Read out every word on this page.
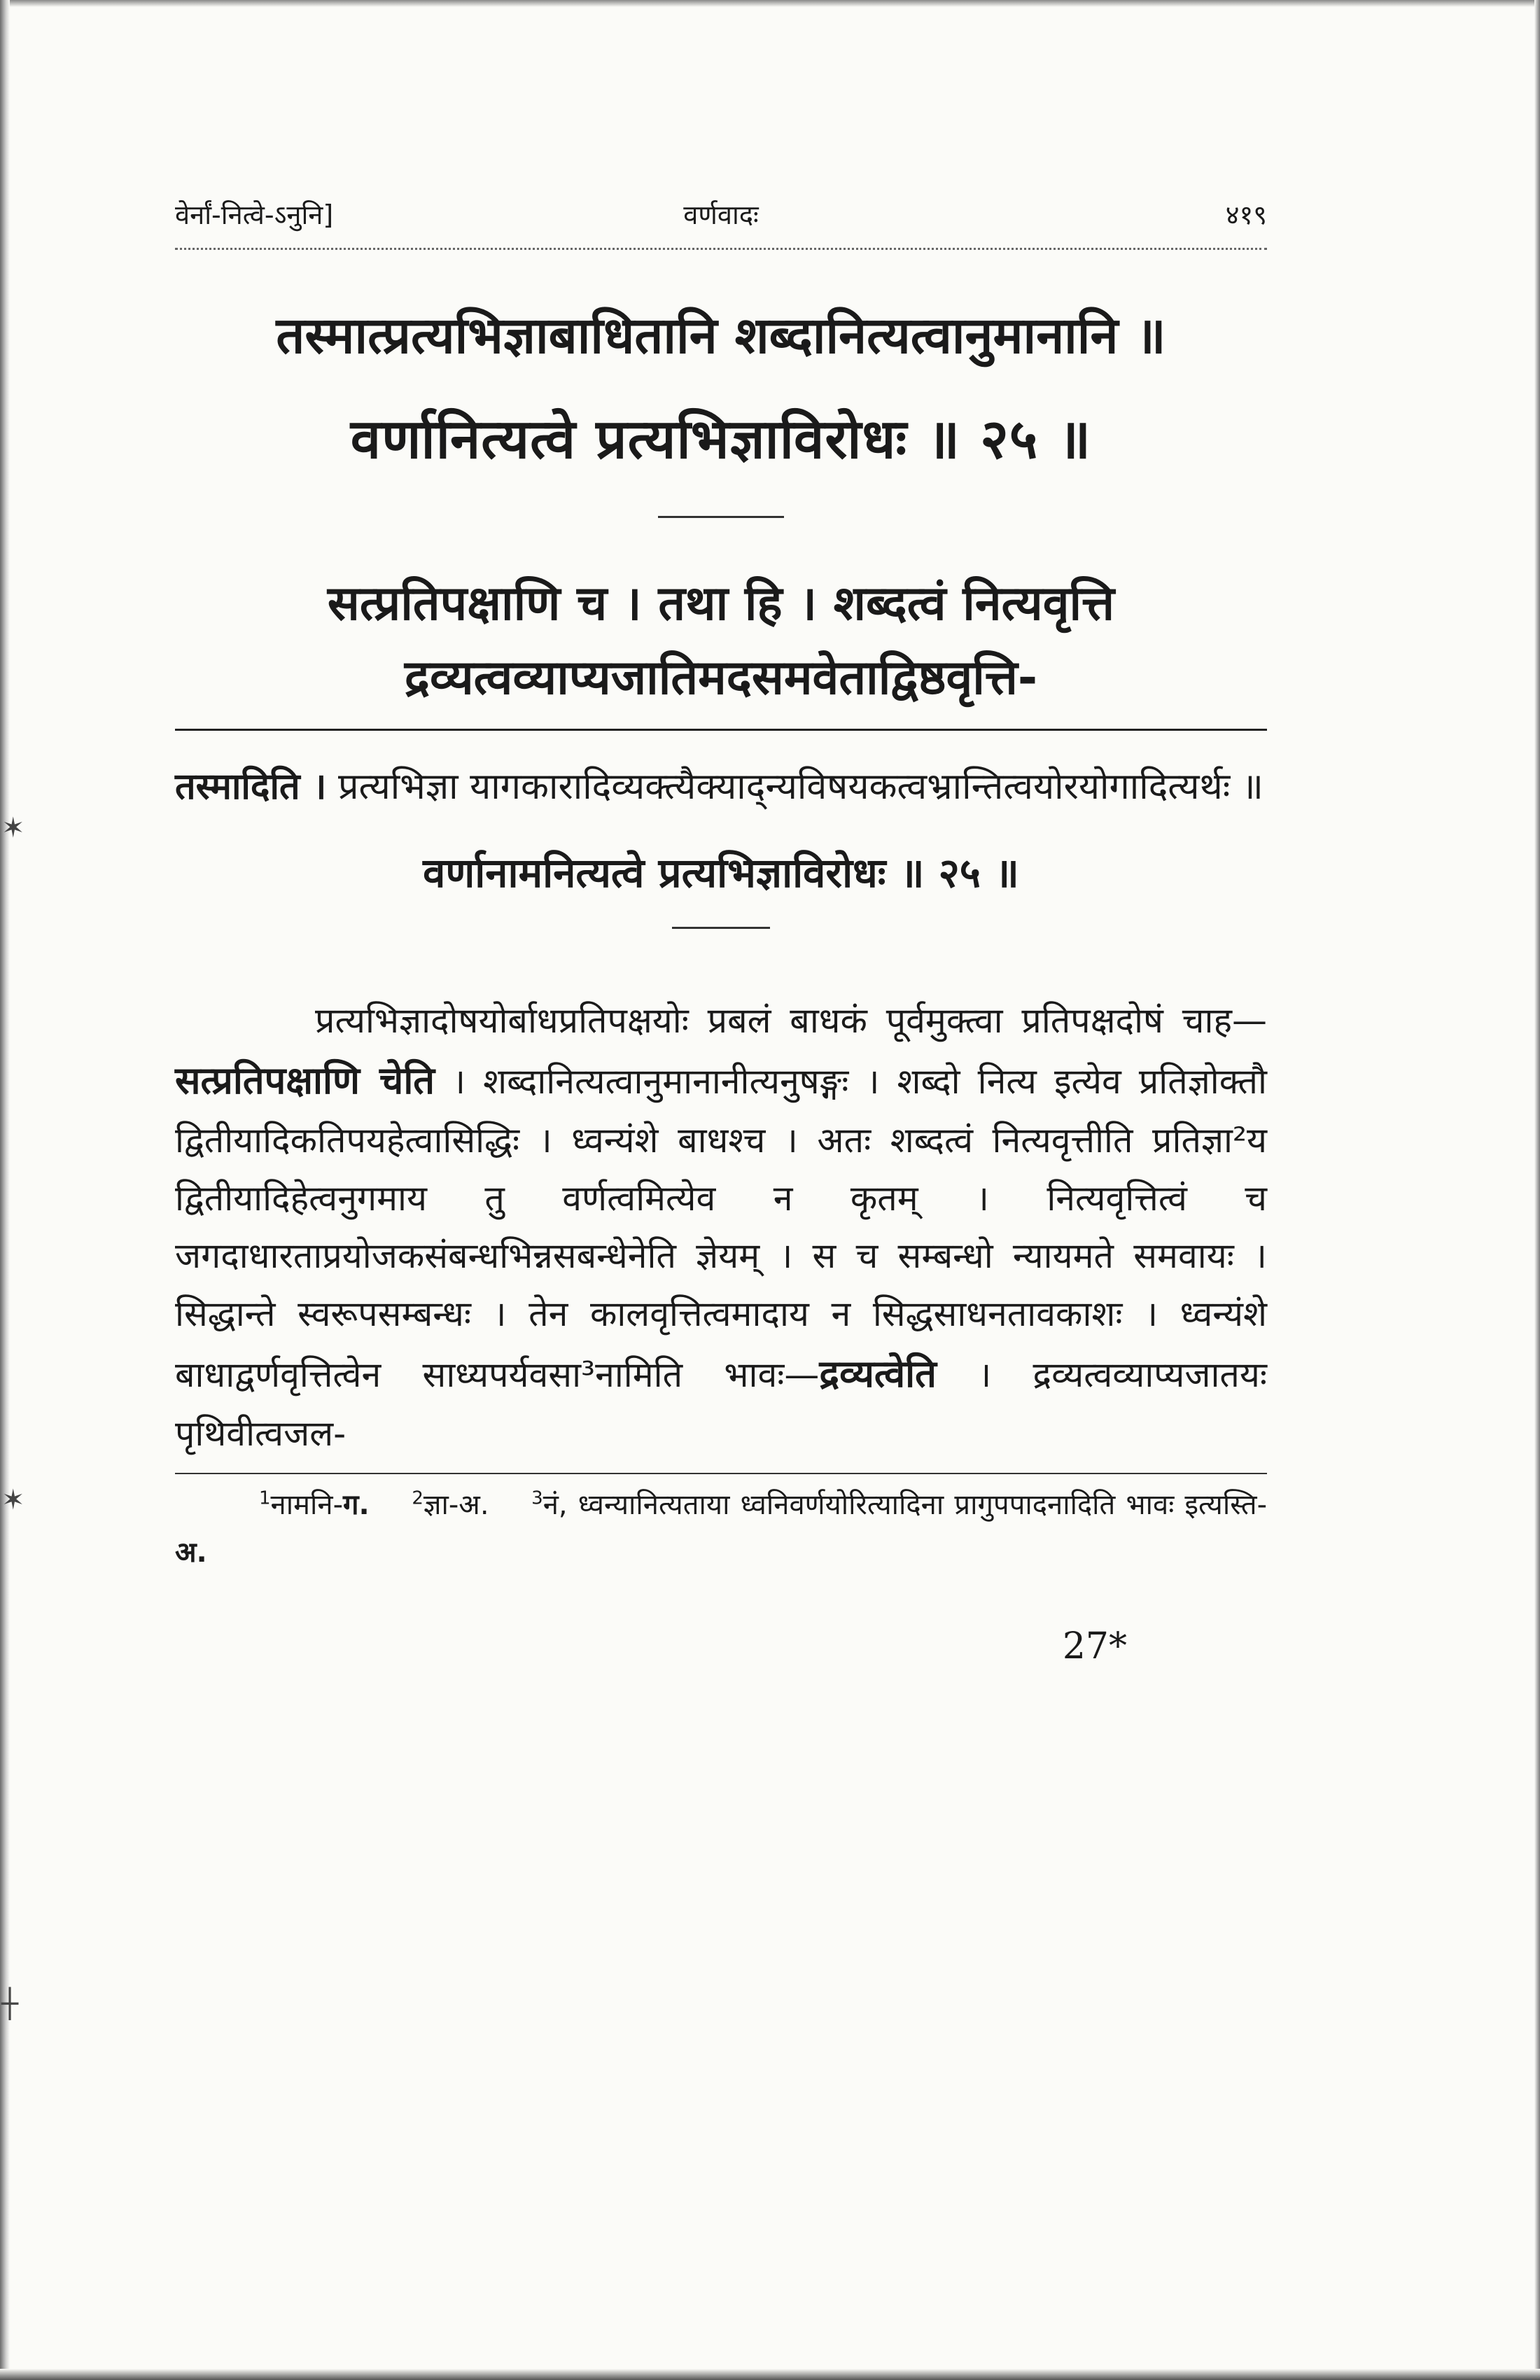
✶
✶
┼
वेर्नां-नित्वे-ऽनुनि]	वर्णवादः	४१९
तस्मात्प्रत्यभिज्ञाबाधितानि शब्दानित्यत्वानुमानानि ॥
वर्णानित्यत्वे प्रत्यभिज्ञाविरोधः ॥ २५ ॥
सत्प्रतिपक्षाणि च । तथा हि । शब्दत्वं नित्यवृत्ति द्रव्यत्वव्याप्यजातिमदसमवेताद्विष्ठवृत्ति-
तस्मादिति । प्रत्यभिज्ञा यागकारादिव्यक्त्यैक्याद्न्यविषयकत्वभ्रान्तित्वयोरयोगादित्यर्थः ॥
वर्णानामनित्यत्वे प्रत्यभिज्ञाविरोधः ॥ २५ ॥
प्रत्यभिज्ञादोषयोर्बाधप्रतिपक्षयोः प्रबलं बाधकं पूर्वमुक्त्वा प्रतिपक्षदोषं चाह—सत्प्रतिपक्षाणि चेति । शब्दानित्यत्वानुमानानीत्यनुषङ्गः । शब्दो नित्य इत्येव प्रतिज्ञोक्तौ द्वितीयादिकतिपयहेत्वासिद्धिः । ध्वन्यंशे बाधश्च । अतः शब्दत्वं नित्यवृत्तीति प्रतिज्ञा²य द्वितीयादिहेत्वनुगमाय तु वर्णत्वमित्येव न कृतम् । नित्यवृत्तित्वं च जगदाधारताप्रयोजकसंबन्धभिन्नसबन्धेनेति ज्ञेयम् । स च सम्बन्धो न्यायमते समवायः । सिद्धान्ते स्वरूपसम्बन्धः । तेन कालवृत्तित्वमादाय न सिद्धसाधनतावकाशः । ध्वन्यंशे बाधाद्वर्णवृत्तित्वेन साध्यपर्यवसा³नामिति भावः—द्रव्यत्वेति । द्रव्यत्वव्याप्यजातयः पृथिवीत्वजल-
$^1$नामनि-ग. $^2$ज्ञा-अ. $^3$नं, ध्वन्यानित्यताया ध्वनिवर्णयोरित्यादिना प्रागुपपादनादिति भावः इत्यस्ति-अ.
27*
